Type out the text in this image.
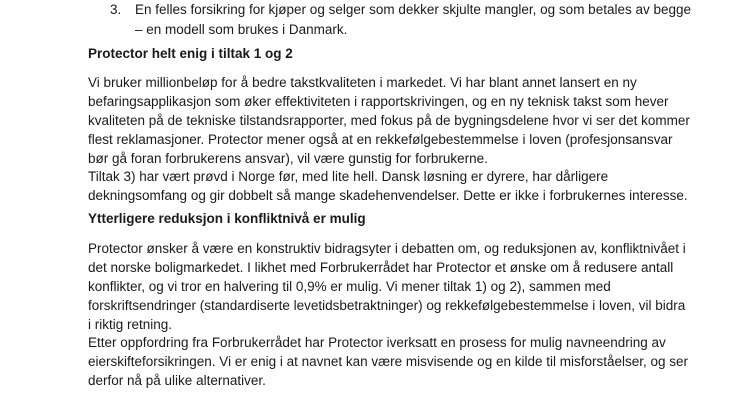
3. En felles forsikring for kjøper og selger som dekker skjulte mangler, og som betales av begge
– en modell som brukes i Danmark.
Protector helt enig i tiltak 1 og 2
Vi bruker millionbeløp for å bedre takstkvaliteten i markedet. Vi har blant annet lansert en ny
befaringsapplikasjon som øker effektiviteten i rapportskrivingen, og en ny teknisk takst som hever
kvaliteten på de tekniske tilstandsrapporter, med fokus på de bygningsdelene hvor vi ser det kommer
flest reklamasjoner. Protector mener også at en rekkefølgebestemmelse i loven (profesjonsansvar
bør gå foran forbrukerens ansvar), vil være gunstig for forbrukerne.
Tiltak 3) har vært prøvd i Norge før, med lite hell. Dansk løsning er dyrere, har dårligere
dekningsomfang og gir dobbelt så mange skadehenvendelser. Dette er ikke i forbrukernes interesse.
Ytterligere reduksjon i konfliktnivå er mulig
Protector ønsker å være en konstruktiv bidragsyter i debatten om, og reduksjonen av, konfliktnivået i
det norske boligmarkedet. I likhet med Forbrukerrådet har Protector et ønske om å redusere antall
konflikter, og vi tror en halvering til 0,9% er mulig. Vi mener tiltak 1) og 2), sammen med
forskriftsendringer (standardiserte levetidsbetraktninger) og rekkefølgebestemmelse i loven, vil bidra
i riktig retning.
Etter oppfordring fra Forbrukerrådet har Protector iverksatt en prosess for mulig navneendring av
eierskifteforsikringen. Vi er enig i at navnet kan være misvisende og en kilde til misforståelser, og ser
derfor nå på ulike alternativer.
